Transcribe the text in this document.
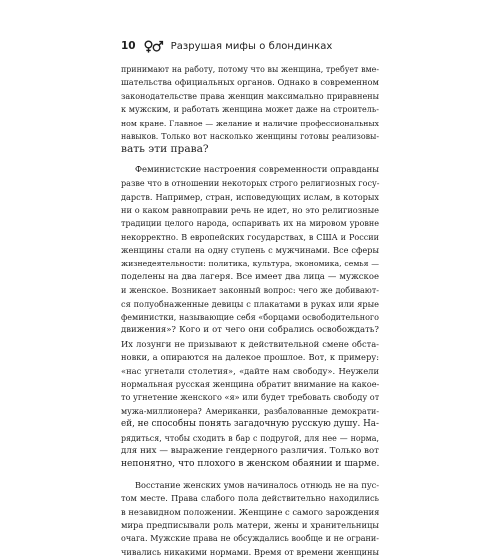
10	Разрушая мифы о блондинках
принимают на работу, потому что вы женщина, требует вме-
шательства официальных органов. Однако в современном
законодательстве права женщин максимально приравнены
к мужским, и работать женщина может даже на строитель-
ном кране. Главное — желание и наличие профессиональных
навыков. Только вот насколько женщины готовы реализовы-
вать эти права?
Феминистские настроения современности оправданы
разве что в отношении некоторых строго религиозных госу-
дарств. Например, стран, исповедующих ислам, в которых
ни о каком равноправии речь не идет, но это религиозные
традиции целого народа, оспаривать их на мировом уровне
некорректно. В европейских государствах, в США и России
женщины стали на одну ступень с мужчинами. Все сферы
жизнедеятельности: политика, культура, экономика, семья —
поделены на два лагеря. Все имеет два лица — мужское
и женское. Возникает законный вопрос: чего же добивают-
ся полуобнаженные девицы с плакатами в руках или ярые
феминистки, называющие себя «борцами освободительного
движения»? Кого и от чего они собрались освобождать?
Их лозунги не призывают к действительной смене обста-
новки, а опираются на далекое прошлое. Вот, к примеру:
«нас угнетали столетия», «дайте нам свободу». Неужели
нормальная русская женщина обратит внимание на какое-
то угнетение женского «я» или будет требовать свободу от
мужа-миллионера? Американки, разбалованные демократи-
ей, не способны понять загадочную русскую душу. На-
рядиться, чтобы сходить в бар с подругой, для нее — норма,
для них — выражение гендерного различия. Только вот
непонятно, что плохого в женском обаянии и шарме.
Восстание женских умов начиналось отнюдь не на пус-
том месте. Права слабого пола действительно находились
в незавидном положении. Женщине с самого зарождения
мира предписывали роль матери, жены и хранительницы
очага. Мужские права не обсуждались вообще и не ограни-
чивались никакими нормами. Время от времени женщины
